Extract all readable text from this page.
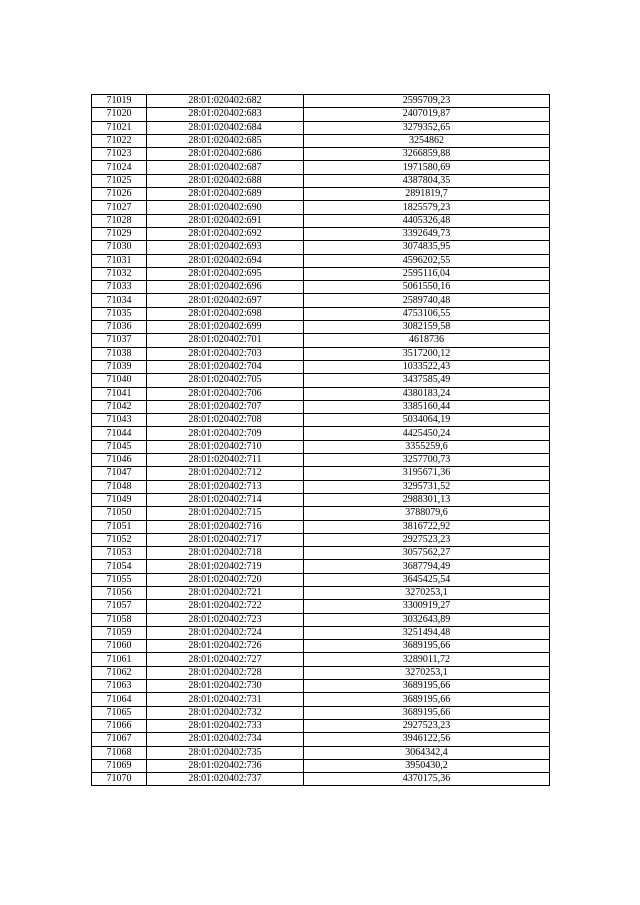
71019	28:01:020402:682	2595709,23
71020	28:01:020402:683	2407019,87
71021	28:01:020402:684	3279352,65
71022	28:01:020402:685	3254862
71023	28:01:020402:686	3266859,88
71024	28:01:020402:687	1971580,69
71025	28:01:020402:688	4387804,35
71026	28:01:020402:689	2891819,7
71027	28:01:020402:690	1825579,23
71028	28:01:020402:691	4405326,48
71029	28:01:020402:692	3392649,73
71030	28:01:020402:693	3074835,95
71031	28:01:020402:694	4596202,55
71032	28:01:020402:695	2595116,04
71033	28:01:020402:696	5061550,16
71034	28:01:020402:697	2589740,48
71035	28:01:020402:698	4753106,55
71036	28:01:020402:699	3082159,58
71037	28:01:020402:701	4618736
71038	28:01:020402:703	3517200,12
71039	28:01:020402:704	1033522,43
71040	28:01:020402:705	3437585,49
71041	28:01:020402:706	4380183,24
71042	28:01:020402:707	3385160,44
71043	28:01:020402:708	5034064,19
71044	28:01:020402:709	4425450,24
71045	28:01:020402:710	3355259,6
71046	28:01:020402:711	3257700,73
71047	28:01:020402:712	3195671,36
71048	28:01:020402:713	3295731,52
71049	28:01:020402:714	2988301,13
71050	28:01:020402:715	3788079,6
71051	28:01:020402:716	3816722,92
71052	28:01:020402:717	2927523,23
71053	28:01:020402:718	3057562,27
71054	28:01:020402:719	3687794,49
71055	28:01:020402:720	3645425,54
71056	28:01:020402:721	3270253,1
71057	28:01:020402:722	3300919,27
71058	28:01:020402:723	3032643,89
71059	28:01:020402:724	3251494,48
71060	28:01:020402:726	3689195,66
71061	28:01:020402:727	3289011,72
71062	28:01:020402:728	3270253,1
71063	28:01:020402:730	3689195,66
71064	28:01:020402:731	3689195,66
71065	28:01:020402:732	3689195,66
71066	28:01:020402:733	2927523,23
71067	28:01:020402:734	3946122,56
71068	28:01:020402:735	3064342,4
71069	28:01:020402:736	3950430,2
71070	28:01:020402:737	4370175,36
